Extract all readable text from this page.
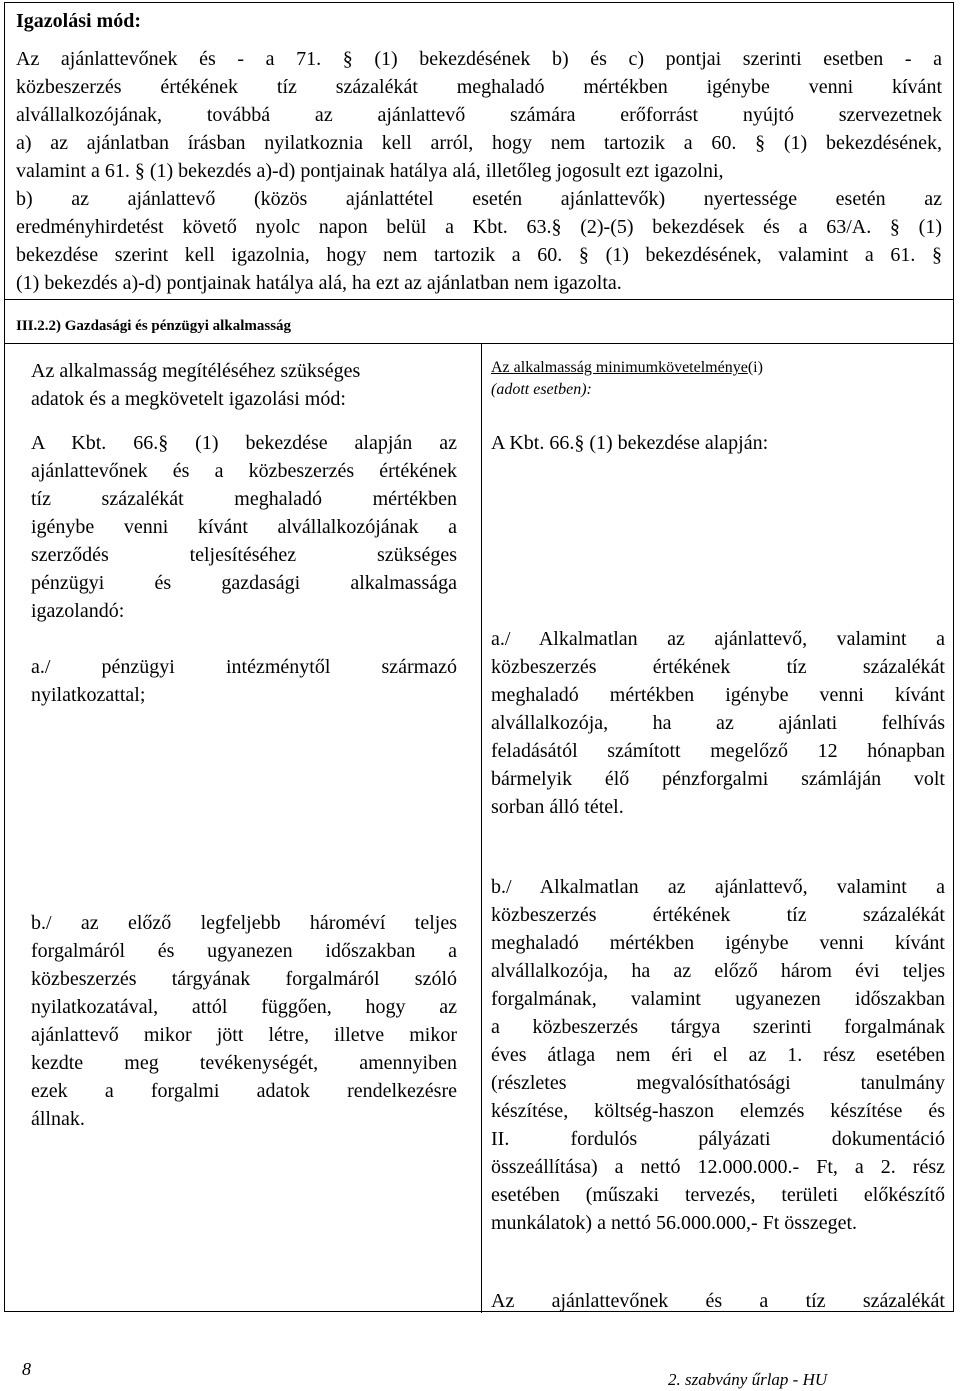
Igazolási mód:
Az ajánlattevőnek és - a 71. § (1) bekezdésének b) és c) pontjai szerinti esetben - a
közbeszerzés értékének tíz százalékát meghaladó mértékben igénybe venni kívánt
alvállalkozójának, továbbá az ajánlattevő számára erőforrást nyújtó szervezetnek
a) az ajánlatban írásban nyilatkoznia kell arról, hogy nem tartozik a 60. § (1) bekezdésének,
valamint a 61. § (1) bekezdés a)-d) pontjainak hatálya alá, illetőleg jogosult ezt igazolni,
b) az ajánlattevő (közös ajánlattétel esetén ajánlattevők) nyertessége esetén az
eredményhirdetést követő nyolc napon belül a Kbt. 63.§ (2)-(5) bekezdések és a 63/A. § (1)
bekezdése szerint kell igazolnia, hogy nem tartozik a 60. § (1) bekezdésének, valamint a 61. §
(1) bekezdés a)-d) pontjainak hatálya alá, ha ezt az ajánlatban nem igazolta.
III.2.2) Gazdasági és pénzügyi alkalmasság
Az alkalmasság megítéléséhez szükséges
adatok és a megkövetelt igazolási mód:
A Kbt. 66.§ (1) bekezdése alapján az
ajánlattevőnek és a közbeszerzés értékének
tíz százalékát meghaladó mértékben
igénybe venni kívánt alvállalkozójának a
szerződés teljesítéséhez szükséges
pénzügyi és gazdasági alkalmassága
igazolandó:
a./ pénzügyi intézménytől származó
nyilatkozattal;
b./ az előző legfeljebb hároméví teljes
forgalmáról és ugyanezen időszakban a
közbeszerzés tárgyának forgalmáról szóló
nyilatkozatával, attól függően, hogy az
ajánlattevő mikor jött létre, illetve mikor
kezdte meg tevékenységét, amennyiben
ezek a forgalmi adatok rendelkezésre
állnak.
Az alkalmasság minimumkövetelménye(i)
(adott esetben):
A Kbt. 66.§ (1) bekezdése alapján:
a./ Alkalmatlan az ajánlattevő, valamint a
közbeszerzés értékének tíz százalékát
meghaladó mértékben igénybe venni kívánt
alvállalkozója, ha az ajánlati felhívás
feladásától számított megelőző 12 hónapban
bármelyik élő pénzforgalmi számláján volt
sorban álló tétel.
b./ Alkalmatlan az ajánlattevő, valamint a
közbeszerzés értékének tíz százalékát
meghaladó mértékben igénybe venni kívánt
alvállalkozója, ha az előző három évi teljes
forgalmának, valamint ugyanezen időszakban
a közbeszerzés tárgya szerinti forgalmának
éves átlaga nem éri el az 1. rész esetében
(részletes megvalósíthatósági tanulmány
készítése, költség-haszon elemzés készítése és
II. fordulós pályázati dokumentáció
összeállítása) a nettó 12.000.000.- Ft, a 2. rész
esetében (műszaki tervezés, területi előkészítő
munkálatok) a nettó 56.000.000,- Ft összeget.
Az ajánlattevőnek és a tíz százalékát
8
2. szabvány űrlap - HU
